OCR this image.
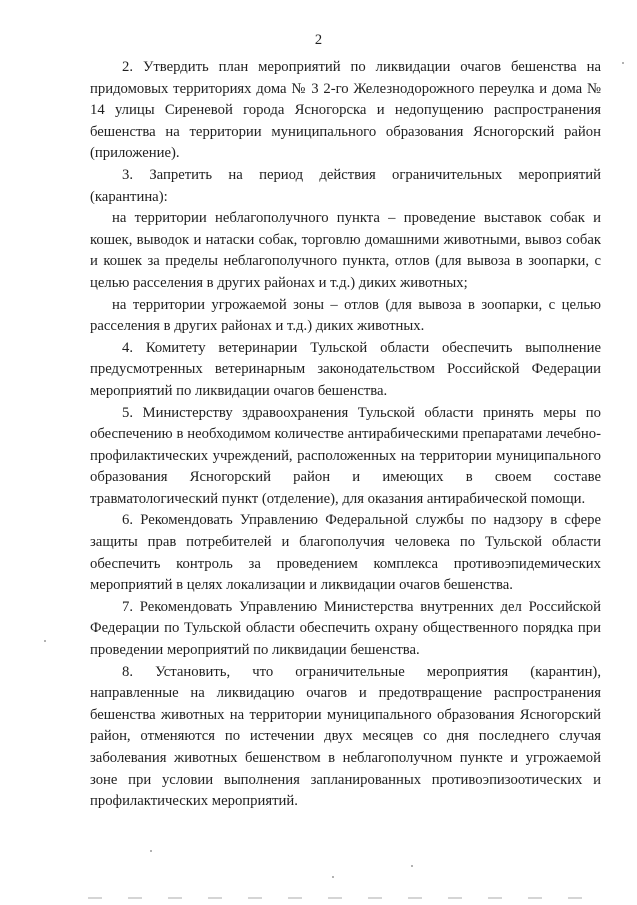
2

2. Утвердить план мероприятий по ликвидации очагов бешенства на придомовых территориях дома № 3 2-го Железнодорожного переулка и дома № 14 улицы Сиреневой города Ясногорска и недопущению распространения бешенства на территории муниципального образования Ясногорский район (приложение).

3. Запретить на период действия ограничительных мероприятий (карантина):

на территории неблагополучного пункта – проведение выставок собак и кошек, выводок и натаски собак, торговлю домашними животными, вывоз собак и кошек за пределы неблагополучного пункта, отлов (для вывоза в зоопарки, с целью расселения в других районах и т.д.) диких животных;

на территории угрожаемой зоны – отлов (для вывоза в зоопарки, с целью расселения в других районах и т.д.) диких животных.

4. Комитету ветеринарии Тульской области обеспечить выполнение предусмотренных ветеринарным законодательством Российской Федерации мероприятий по ликвидации очагов бешенства.

5. Министерству здравоохранения Тульской области принять меры по обеспечению в необходимом количестве антирабическими препаратами лечебно-профилактических учреждений, расположенных на территории муниципального образования Ясногорский район и имеющих в своем составе травматологический пункт (отделение), для оказания антирабической помощи.

6. Рекомендовать Управлению Федеральной службы по надзору в сфере защиты прав потребителей и благополучия человека по Тульской области обеспечить контроль за проведением комплекса противоэпидемических мероприятий в целях локализации и ликвидации очагов бешенства.

7. Рекомендовать Управлению Министерства внутренних дел Российской Федерации по Тульской области обеспечить охрану общественного порядка при проведении мероприятий по ликвидации бешенства.

8. Установить, что ограничительные мероприятия (карантин), направленные на ликвидацию очагов и предотвращение распространения бешенства животных на территории муниципального образования Ясногорский район, отменяются по истечении двух месяцев со дня последнего случая заболевания животных бешенством в неблагополучном пункте и угрожаемой зоне при условии выполнения запланированных противоэпизоотических и профилактических мероприятий.
